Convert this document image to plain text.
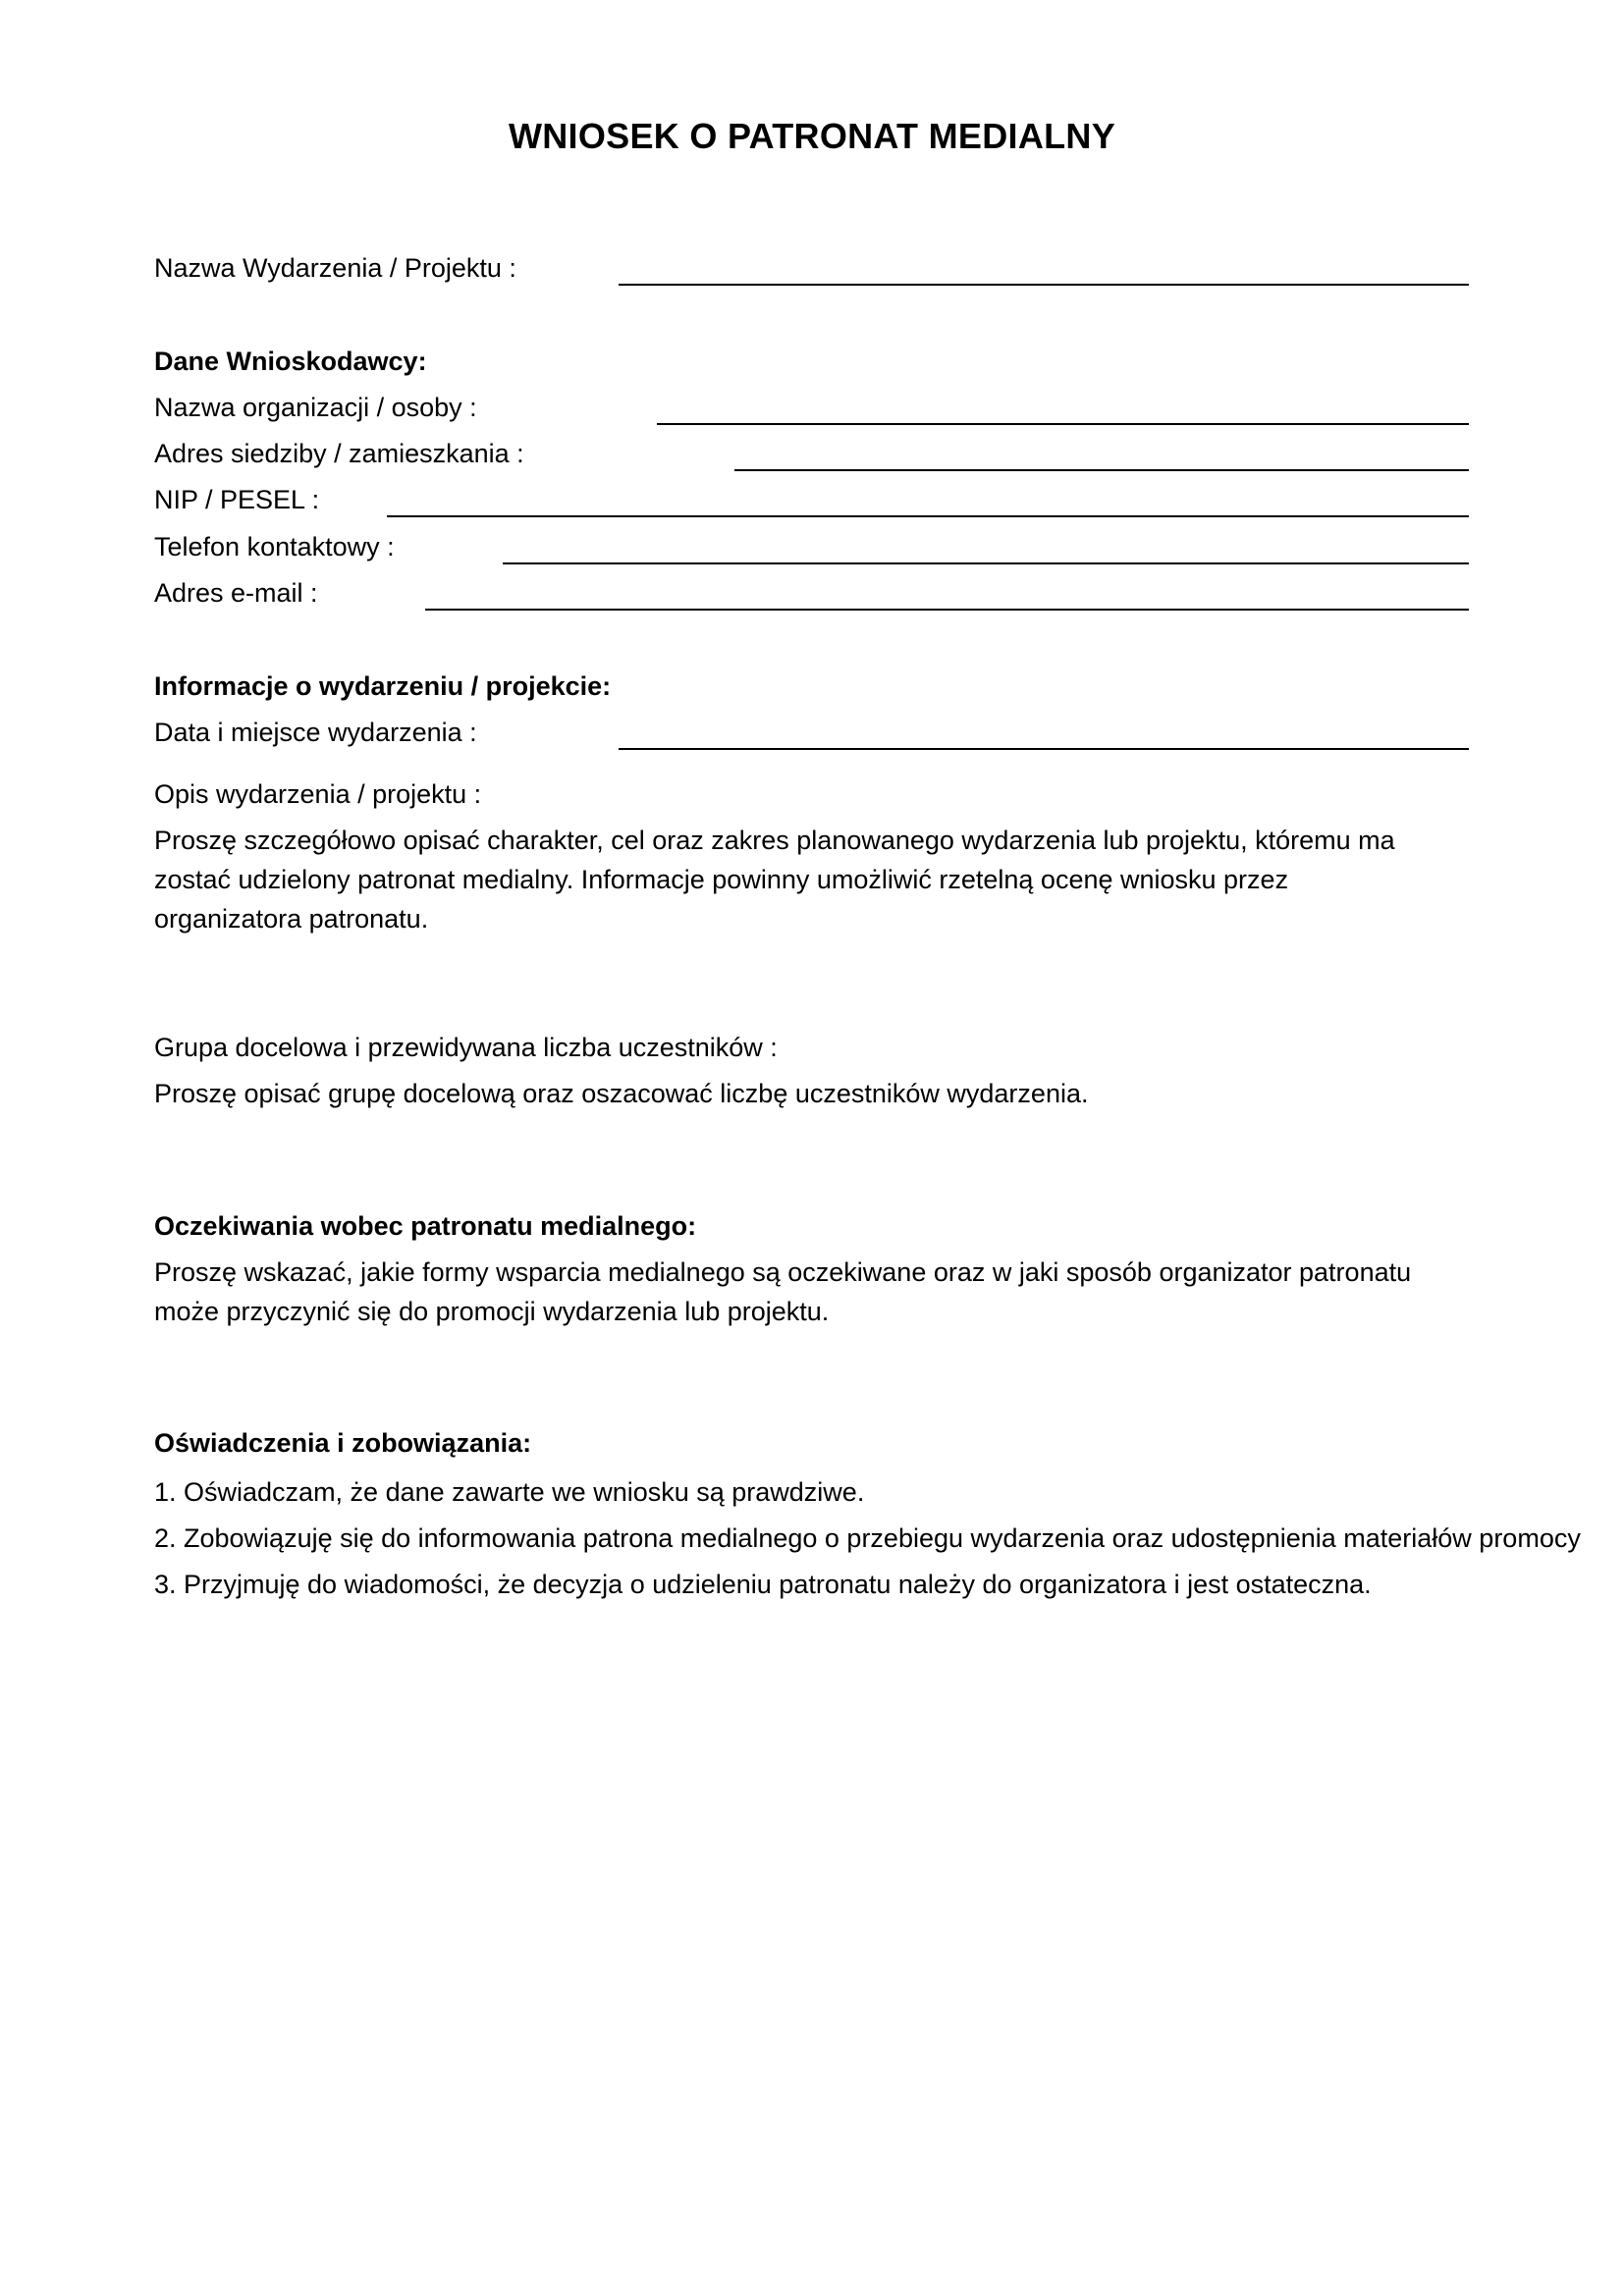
WNIOSEK O PATRONAT MEDIALNY
Nazwa Wydarzenia / Projektu :
Dane Wnioskodawcy:
Nazwa organizacji / osoby :
Adres siedziby / zamieszkania :
NIP / PESEL :
Telefon kontaktowy :
Adres e-mail :
Informacje o wydarzeniu / projekcie:
Data i miejsce wydarzenia :
Opis wydarzenia / projektu :
Proszę szczegółowo opisać charakter, cel oraz zakres planowanego wydarzenia lub projektu, któremu ma
zostać udzielony patronat medialny. Informacje powinny umożliwić rzetelną ocenę wniosku przez
organizatora patronatu.
Grupa docelowa i przewidywana liczba uczestników :
Proszę opisać grupę docelową oraz oszacować liczbę uczestników wydarzenia.
Oczekiwania wobec patronatu medialnego:
Proszę wskazać, jakie formy wsparcia medialnego są oczekiwane oraz w jaki sposób organizator patronatu
może przyczynić się do promocji wydarzenia lub projektu.
Oświadczenia i zobowiązania:
1. Oświadczam, że dane zawarte we wniosku są prawdziwe.
2. Zobowiązuję się do informowania patrona medialnego o przebiegu wydarzenia oraz udostępnienia materiałów promocy
3. Przyjmuję do wiadomości, że decyzja o udzieleniu patronatu należy do organizatora i jest ostateczna.
